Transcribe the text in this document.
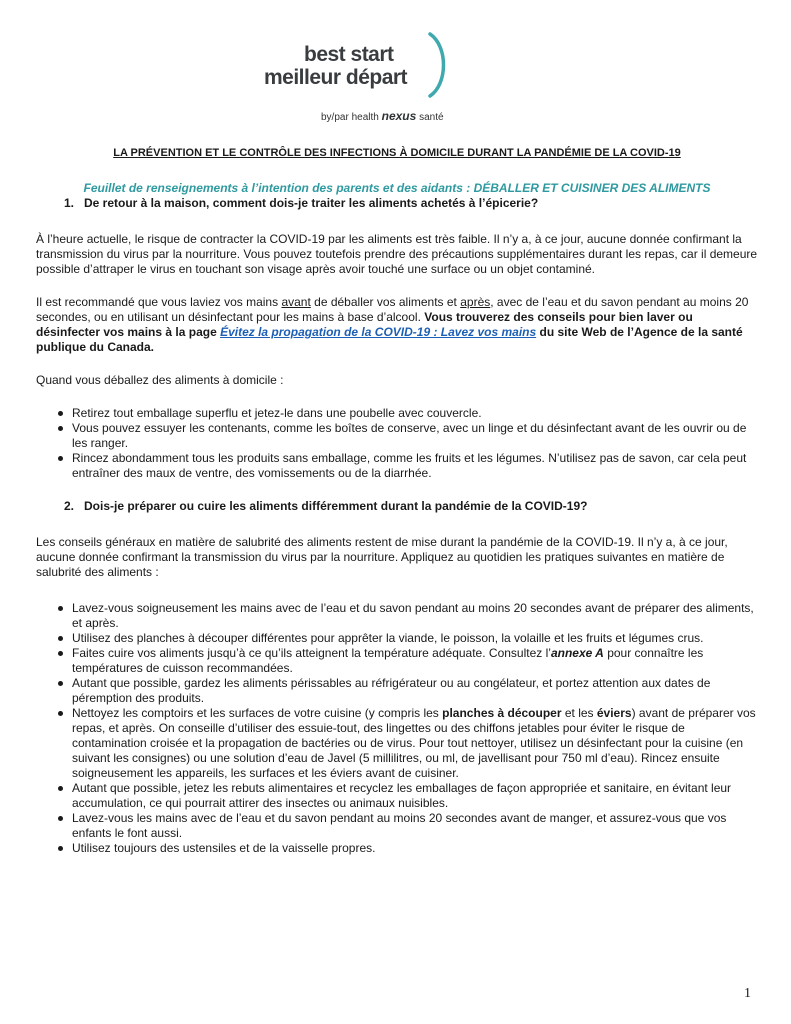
best start
meilleur départ
by/par health nexus santé

LA PRÉVENTION ET LE CONTRÔLE DES INFECTIONS À DOMICILE DURANT LA PANDÉMIE DE LA COVID-19

Feuillet de renseignements à l’intention des parents et des aidants : DÉBALLER ET CUISINER DES ALIMENTS

1. De retour à la maison, comment dois-je traiter les aliments achetés à l’épicerie?

À l’heure actuelle, le risque de contracter la COVID-19 par les aliments est très faible. Il n’y a, à ce jour, aucune donnée confirmant la transmission du virus par la nourriture. Vous pouvez toutefois prendre des précautions supplémentaires durant les repas, car il demeure possible d’attraper le virus en touchant son visage après avoir touché une surface ou un objet contaminé.

Il est recommandé que vous laviez vos mains avant de déballer vos aliments et après, avec de l’eau et du savon pendant au moins 20 secondes, ou en utilisant un désinfectant pour les mains à base d’alcool. Vous trouverez des conseils pour bien laver ou désinfecter vos mains à la page Évitez la propagation de la COVID-19 : Lavez vos mains du site Web de l’Agence de la santé publique du Canada.

Quand vous déballez des aliments à domicile :

Retirez tout emballage superflu et jetez-le dans une poubelle avec couvercle.
Vous pouvez essuyer les contenants, comme les boîtes de conserve, avec un linge et du désinfectant avant de les ouvrir ou de les ranger.
Rincez abondamment tous les produits sans emballage, comme les fruits et les légumes. N’utilisez pas de savon, car cela peut entraîner des maux de ventre, des vomissements ou de la diarrhée.
2. Dois-je préparer ou cuire les aliments différemment durant la pandémie de la COVID-19?

Les conseils généraux en matière de salubrité des aliments restent de mise durant la pandémie de la COVID-19. Il n’y a, à ce jour, aucune donnée confirmant la transmission du virus par la nourriture. Appliquez au quotidien les pratiques suivantes en matière de salubrité des aliments :

Lavez-vous soigneusement les mains avec de l’eau et du savon pendant au moins 20 secondes avant de préparer des aliments, et après.
Utilisez des planches à découper différentes pour apprêter la viande, le poisson, la volaille et les fruits et légumes crus.
Faites cuire vos aliments jusqu’à ce qu’ils atteignent la température adéquate. Consultez l’annexe A pour connaître les températures de cuisson recommandées.
Autant que possible, gardez les aliments périssables au réfrigérateur ou au congélateur, et portez attention aux dates de péremption des produits.
Nettoyez les comptoirs et les surfaces de votre cuisine (y compris les planches à découper et les éviers) avant de préparer vos repas, et après. On conseille d’utiliser des essuie-tout, des lingettes ou des chiffons jetables pour éviter le risque de contamination croisée et la propagation de bactéries ou de virus. Pour tout nettoyer, utilisez un désinfectant pour la cuisine (en suivant les consignes) ou une solution d’eau de Javel (5 millilitres, ou ml, de javellisant pour 750 ml d’eau). Rincez ensuite soigneusement les appareils, les surfaces et les éviers avant de cuisiner.
Autant que possible, jetez les rebuts alimentaires et recyclez les emballages de façon appropriée et sanitaire, en évitant leur accumulation, ce qui pourrait attirer des insectes ou animaux nuisibles.
Lavez-vous les mains avec de l’eau et du savon pendant au moins 20 secondes avant de manger, et assurez-vous que vos enfants le font aussi.
Utilisez toujours des ustensiles et de la vaisselle propres.
1
